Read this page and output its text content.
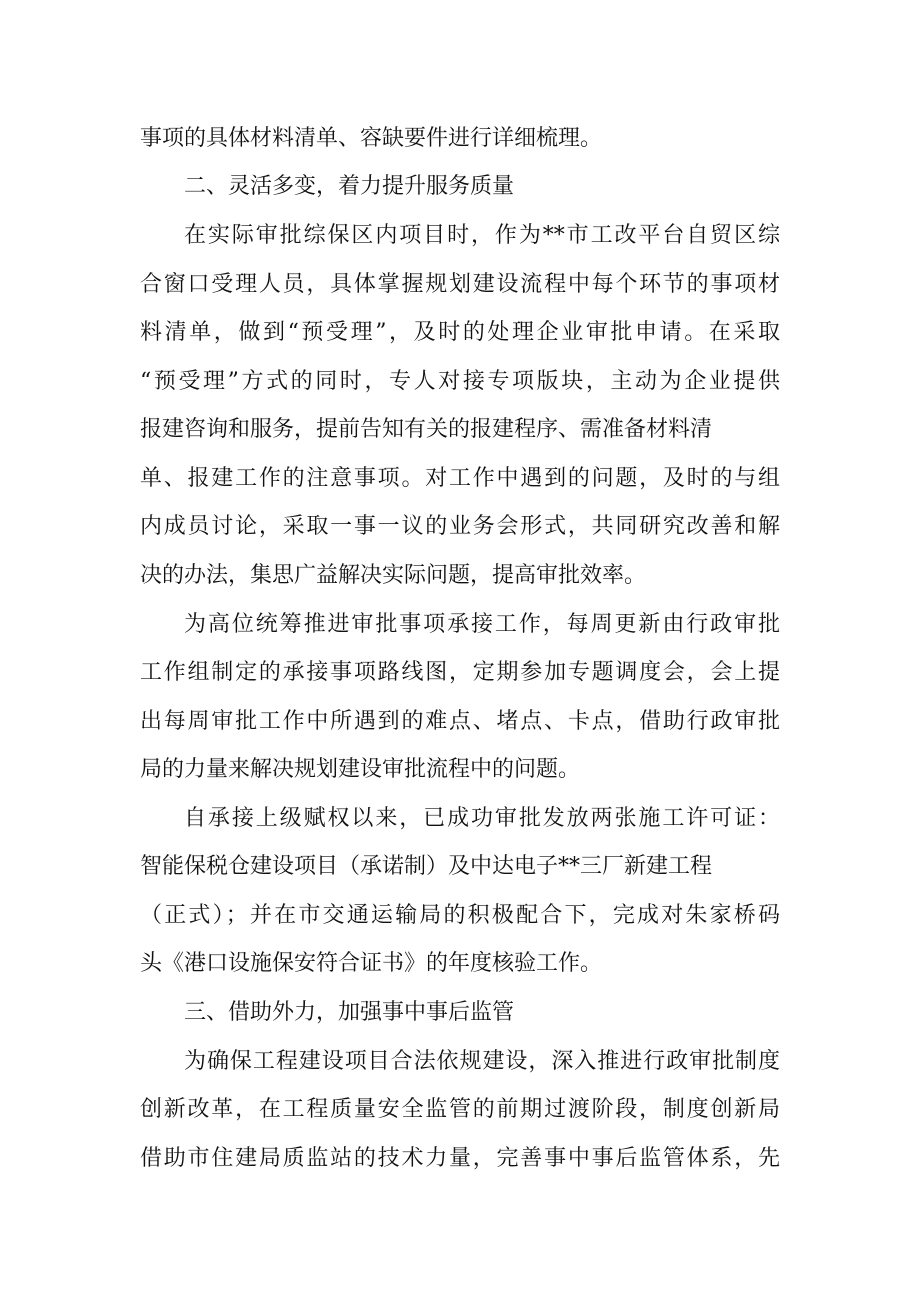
事项的具体材料清单、容缺要件进行详细梳理。
二、灵活多变，着力提升服务质量
在实际审批综保区内项目时，作为**市工改平台自贸区综
合窗口受理人员，具体掌握规划建设流程中每个环节的事项材
料清单，做到“预受理”，及时的处理企业审批申请。在采取
“预受理”方式的同时，专人对接专项版块，主动为企业提供
报建咨询和服务，提前告知有关的报建程序、需准备材料清
单、报建工作的注意事项。对工作中遇到的问题，及时的与组
内成员讨论，采取一事一议的业务会形式，共同研究改善和解
决的办法，集思广益解决实际问题，提高审批效率。
为高位统筹推进审批事项承接工作，每周更新由行政审批
工作组制定的承接事项路线图，定期参加专题调度会，会上提
出每周审批工作中所遇到的难点、堵点、卡点，借助行政审批
局的力量来解决规划建设审批流程中的问题。
自承接上级赋权以来，已成功审批发放两张施工许可证：
智能保税仓建设项目（承诺制）及中达电子**三厂新建工程
（正式）；并在市交通运输局的积极配合下，完成对朱家桥码
头《港口设施保安符合证书》的年度核验工作。
三、借助外力，加强事中事后监管
为确保工程建设项目合法依规建设，深入推进行政审批制度
创新改革，在工程质量安全监管的前期过渡阶段，制度创新局
借助市住建局质监站的技术力量，完善事中事后监管体系，先
